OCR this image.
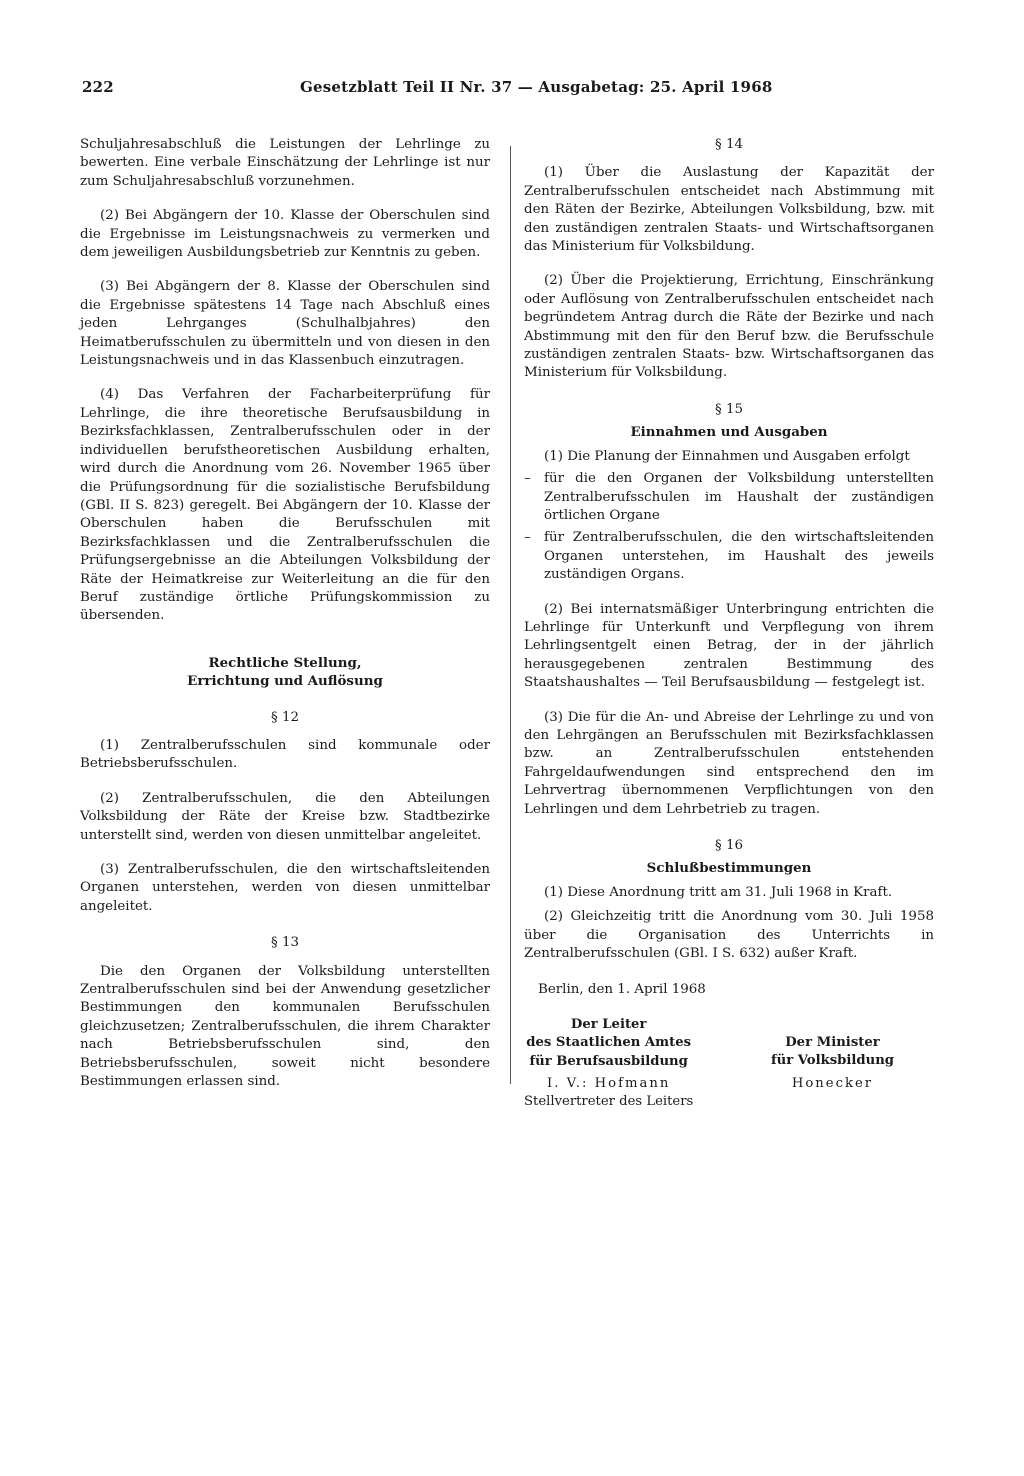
222	Gesetzblatt Teil II Nr. 37 — Ausgabetag: 25. April 1968

Schuljahresabschluß die Leistungen der Lehrlinge zu bewerten. Eine verbale Einschätzung der Lehrlinge ist nur zum Schuljahresabschluß vorzunehmen.

(2) Bei Abgängern der 10. Klasse der Oberschulen sind die Ergebnisse im Leistungsnachweis zu vermerken und dem jeweiligen Ausbildungsbetrieb zur Kenntnis zu geben.

(3) Bei Abgängern der 8. Klasse der Oberschulen sind die Ergebnisse spätestens 14 Tage nach Abschluß eines jeden Lehrganges (Schulhalbjahres) den Heimatberufsschulen zu übermitteln und von diesen in den Leistungsnachweis und in das Klassenbuch einzutragen.

(4) Das Verfahren der Facharbeiterprüfung für Lehrlinge, die ihre theoretische Berufsausbildung in Bezirksfachklassen, Zentralberufsschulen oder in der individuellen berufstheoretischen Ausbildung erhalten, wird durch die Anordnung vom 26. November 1965 über die Prüfungsordnung für die sozialistische Berufsbildung (GBl. II S. 823) geregelt. Bei Abgängern der 10. Klasse der Oberschulen haben die Berufsschulen mit Bezirksfachklassen und die Zentralberufsschulen die Prüfungsergebnisse an die Abteilungen Volksbildung der Räte der Heimatkreise zur Weiterleitung an die für den Beruf zuständige örtliche Prüfungskommission zu übersenden.

Rechtliche Stellung,
Errichtung und Auflösung
§ 12

(1) Zentralberufsschulen sind kommunale oder Betriebsberufsschulen.

(2) Zentralberufsschulen, die den Abteilungen Volksbildung der Räte der Kreise bzw. Stadtbezirke unterstellt sind, werden von diesen unmittelbar angeleitet.

(3) Zentralberufsschulen, die den wirtschaftsleitenden Organen unterstehen, werden von diesen unmittelbar angeleitet.

§ 13

Die den Organen der Volksbildung unterstellten Zentralberufsschulen sind bei der Anwendung gesetzlicher Bestimmungen den kommunalen Berufsschulen gleichzusetzen; Zentralberufsschulen, die ihrem Charakter nach Betriebsberufsschulen sind, den Betriebsberufsschulen, soweit nicht besondere Bestimmungen erlassen sind.

§ 14

(1) Über die Auslastung der Kapazität der Zentralberufsschulen entscheidet nach Abstimmung mit den Räten der Bezirke, Abteilungen Volksbildung, bzw. mit den zuständigen zentralen Staats- und Wirtschaftsorganen das Ministerium für Volksbildung.

(2) Über die Projektierung, Errichtung, Einschränkung oder Auflösung von Zentralberufsschulen entscheidet nach begründetem Antrag durch die Räte der Bezirke und nach Abstimmung mit den für den Beruf bzw. die Berufsschule zuständigen zentralen Staats- bzw. Wirtschaftsorganen das Ministerium für Volksbildung.

§ 15
Einnahmen und Ausgaben

(1) Die Planung der Einnahmen und Ausgaben erfolgt

– für die den Organen der Volksbildung unterstellten Zentralberufsschulen im Haushalt der zuständigen örtlichen Organe
– für Zentralberufsschulen, die den wirtschaftsleitenden Organen unterstehen, im Haushalt des jeweils zuständigen Organs.

(2) Bei internatsmäßiger Unterbringung entrichten die Lehrlinge für Unterkunft und Verpflegung von ihrem Lehrlingsentgelt einen Betrag, der in der jährlich herausgegebenen zentralen Bestimmung des Staatshaushaltes — Teil Berufsausbildung — festgelegt ist.

(3) Die für die An- und Abreise der Lehrlinge zu und von den Lehrgängen an Berufsschulen mit Bezirksfachklassen bzw. an Zentralberufsschulen entstehenden Fahrgeldaufwendungen sind entsprechend den im Lehrvertrag übernommenen Verpflichtungen von den Lehrlingen und dem Lehrbetrieb zu tragen.

§ 16
Schlußbestimmungen

(1) Diese Anordnung tritt am 31. Juli 1968 in Kraft.

(2) Gleichzeitig tritt die Anordnung vom 30. Juli 1958 über die Organisation des Unterrichts in Zentralberufsschulen (GBl. I S. 632) außer Kraft.

Berlin, den 1. April 1968
Der Leiter
des Staatlichen Amtes
für Berufsausbildung
I. V.: Hofmann
Stellvertreter des Leiters
Der Minister
für Volksbildung
Honecker
